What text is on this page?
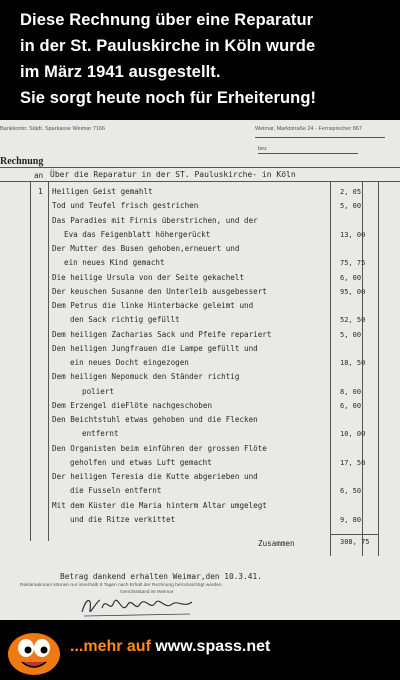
Diese Rechnung über eine Reparatur
in der St. Pauluskirche in Köln wurde
im März 1941 ausgestellt.
Sie sorgt heute noch für Erheiterung!
Bankkonto: Städt. Sparkasse Weimar 7166	Weimar, Marktstraße 24 - Fernsprecher 867
bez
Rechnung
an Über die Reparatur in der ST. Pauluskirche- in Köln
1 Heiligen Geist gemahlt	2, 05
Tod und Teufel frisch gestrichen	5, 00
Das Paradies mit Firnis überstrichen, und der
Eva das Feigenblatt höhergerückt	13, 00
Der Mutter des Busen gehoben,erneuert und
ein neues Kind gemacht	75, 75
Die heilige Ursula von der Seite gekachelt	6, 00
Der keuschen Susanne den Unterleib ausgebessert	95, 00
Dem Petrus die linke Hinterbacke geleimt und
den Sack richtig gefüllt	52, 50
Dem heiligen Zacharias Sack und Pfeife repariert	5, 00
Den heiligen Jungfrauen die Lampe gefüllt und
ein neues Docht eingezogen	18, 50
Dem heiligen Nepomuck den Ständer richtig
poliert	8, 00
Dem Erzengel dieFlöte nachgeschoben	6, 00
Den Beichtstuhl etwas gehoben und die Flecken
entfernt	10, 00
Den Organisten beim einführen der grossen Flöte
geholfen und etwas Luft gemacht	17, 50
Der heiligen Teresia die Kutte abgerieben und
die Fusseln entfernt	6, 50
Mit dem Küster die Maria hinterm Altar umgelegt
und die Ritze verkittet	9, 80
Zusammen	308, 75
Betrag dankend erhalten Weimar,den 10.3.41.
Reklamationen können nur innerhalb 8 Tagen nach Erhalt der Rechnung berücksichtigt werden.
Gerichtsstand ist Weimar
...mehr auf www.spass.net
